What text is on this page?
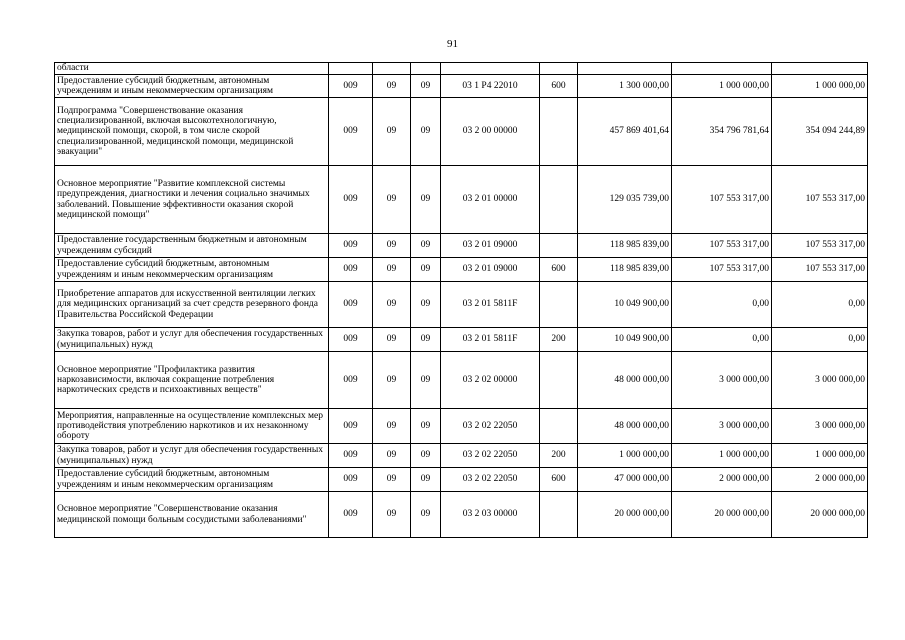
91
области								
Предоставление субсидий бюджетным, автономным учреждениям и иным некоммерческим организациям	009	09	09	03 1 Р4 22010	600	1 300 000,00	1 000 000,00	1 000 000,00
Подпрограмма "Совершенствование оказания специализированной, включая высокотехнологичную, медицинской помощи, скорой, в том числе скорой специализированной, медицинской помощи, медицинской эвакуации"	009	09	09	03 2 00 00000		457 869 401,64	354 796 781,64	354 094 244,89
Основное мероприятие "Развитие комплексной системы предупреждения, диагностики и лечения социально значимых заболеваний. Повышение эффективности оказания скорой медицинской помощи"	009	09	09	03 2 01 00000		129 035 739,00	107 553 317,00	107 553 317,00
Предоставление государственным бюджетным и автономным учреждениям субсидий	009	09	09	03 2 01 09000		118 985 839,00	107 553 317,00	107 553 317,00
Предоставление субсидий бюджетным, автономным учреждениям и иным некоммерческим организациям	009	09	09	03 2 01 09000	600	118 985 839,00	107 553 317,00	107 553 317,00
Приобретение аппаратов для искусственной вентиляции легких для медицинских организаций за счет средств резервного фонда Правительства Российской Федерации	009	09	09	03 2 01 5811F		10 049 900,00	0,00	0,00
Закупка товаров, работ и услуг для обеспечения государственных (муниципальных) нужд	009	09	09	03 2 01 5811F	200	10 049 900,00	0,00	0,00
Основное мероприятие "Профилактика развития наркозависимости, включая сокращение потребления наркотических средств и психоактивных веществ"	009	09	09	03 2 02 00000		48 000 000,00	3 000 000,00	3 000 000,00
Мероприятия, направленные на осуществление комплексных мер противодействия употреблению наркотиков и их незаконному обороту	009	09	09	03 2 02 22050		48 000 000,00	3 000 000,00	3 000 000,00
Закупка товаров, работ и услуг для обеспечения государственных (муниципальных) нужд	009	09	09	03 2 02 22050	200	1 000 000,00	1 000 000,00	1 000 000,00
Предоставление субсидий бюджетным, автономным учреждениям и иным некоммерческим организациям	009	09	09	03 2 02 22050	600	47 000 000,00	2 000 000,00	2 000 000,00
Основное мероприятие "Совершенствование оказания медицинской помощи больным сосудистыми заболеваниями"	009	09	09	03 2 03 00000		20 000 000,00	20 000 000,00	20 000 000,00
